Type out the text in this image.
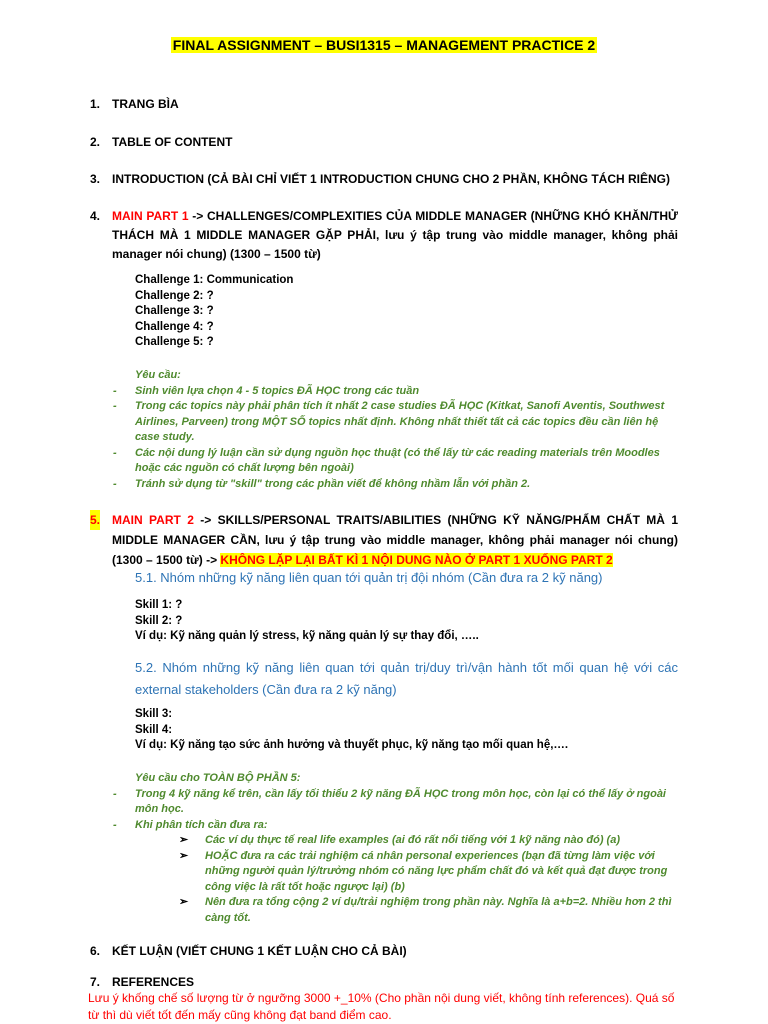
FINAL ASSIGNMENT – BUSI1315 – MANAGEMENT PRACTICE 2
1. TRANG BÌA
2. TABLE OF CONTENT
3. INTRODUCTION (CẢ BÀI CHỈ VIẾT 1 INTRODUCTION CHUNG CHO 2 PHẦN, KHÔNG TÁCH RIÊNG)
4. MAIN PART 1 -> CHALLENGES/COMPLEXITIES CỦA MIDDLE MANAGER (NHỮNG KHÓ KHĂN/THỬ THÁCH MÀ 1 MIDDLE MANAGER GẶP PHẢI, lưu ý tập trung vào middle manager, không phải manager nói chung) (1300 – 1500 từ)
Challenge 1: Communication
Challenge 2: ?
Challenge 3: ?
Challenge 4: ?
Challenge 5: ?
Yêu cầu:
- Sinh viên lựa chọn 4 - 5 topics ĐÃ HỌC trong các tuần
- Trong các topics này phải phân tích ít nhất 2 case studies ĐÃ HỌC (Kitkat, Sanofi Aventis, Southwest Airlines, Parveen) trong MỘT SỐ topics nhất định. Không nhất thiết tất cả các topics đều cần liên hệ case study.
- Các nội dung lý luận cần sử dụng nguồn học thuật (có thể lấy từ các reading materials trên Moodles hoặc các nguồn có chất lượng bên ngoài)
- Tránh sử dụng từ "skill" trong các phần viết để không nhầm lẫn với phần 2.
5. MAIN PART 2 -> SKILLS/PERSONAL TRAITS/ABILITIES (NHỮNG KỸ NĂNG/PHẨM CHẤT MÀ 1 MIDDLE MANAGER CẦN, lưu ý tập trung vào middle manager, không phải manager nói chung) (1300 – 1500 từ) -> KHÔNG LẶP LẠI BẤT KÌ 1 NỘI DUNG NÀO Ở PART 1 XUỐNG PART 2
5.1. Nhóm những kỹ năng liên quan tới quản trị đội nhóm (Cần đưa ra 2 kỹ năng)
Skill 1: ?
Skill 2: ?
Ví dụ: Kỹ năng quản lý stress, kỹ năng quản lý sự thay đổi, …..
5.2. Nhóm những kỹ năng liên quan tới quản trị/duy trì/vận hành tốt mối quan hệ với các external stakeholders (Cần đưa ra 2 kỹ năng)
Skill 3:
Skill 4:
Ví dụ: Kỹ năng tạo sức ảnh hưởng và thuyết phục, kỹ năng tạo mối quan hệ,….
Yêu cầu cho TOÀN BỘ PHẦN 5:
- Trong 4 kỹ năng kể trên, cần lấy tối thiểu 2 kỹ năng ĐÃ HỌC trong môn học, còn lại có thể lấy ở ngoài môn học.
- Khi phân tích cần đưa ra:
➢ Các ví dụ thực tế real life examples (ai đó rất nổi tiếng với 1 kỹ năng nào đó) (a)
➢ HOẶC đưa ra các trải nghiệm cá nhân personal experiences (bạn đã từng làm việc với những người quản lý/trưởng nhóm có năng lực phẩm chất đó và kết quả đạt được trong công việc là rất tốt hoặc ngược lại) (b)
➢ Nên đưa ra tổng cộng 2 ví dụ/trải nghiệm trong phần này. Nghĩa là a+b=2. Nhiều hơn 2 thì càng tốt.
6. KẾT LUẬN (VIẾT CHUNG 1 KẾT LUẬN CHO CẢ BÀI)
7. REFERENCES
Lưu ý khống chế số lượng từ ở ngưỡng 3000 +_10% (Cho phần nội dung viết, không tính references). Quá số từ thì dù viết tốt đến mấy cũng không đạt band điểm cao.
